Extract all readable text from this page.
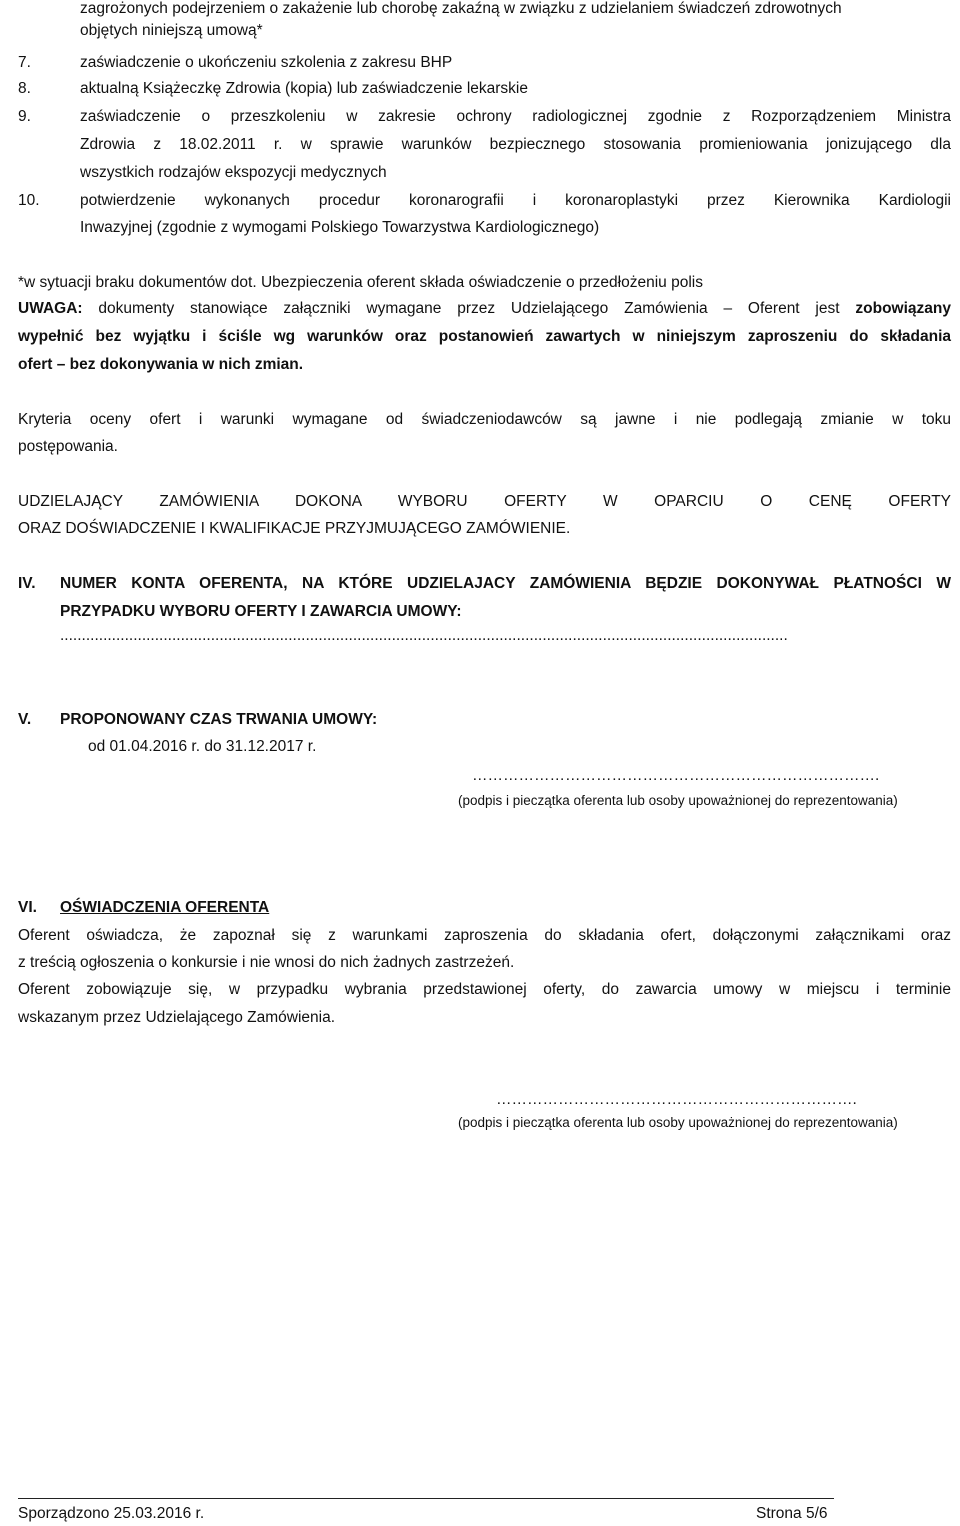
zagrożonych podejrzeniem o zakażenie lub chorobę zakaźną w związku z udzielaniem świadczeń zdrowotnych
objętych niniejszą umową*
7.	zaświadczenie o ukończeniu szkolenia z zakresu BHP
8.	aktualną Książeczkę Zdrowia (kopia) lub zaświadczenie lekarskie
9.	zaświadczenie o przeszkoleniu w zakresie ochrony radiologicznej zgodnie z Rozporządzeniem Ministra
Zdrowia z 18.02.2011 r. w sprawie warunków bezpiecznego stosowania promieniowania jonizującego dla
wszystkich rodzajów ekspozycji medycznych
10.	potwierdzenie wykonanych procedur koronarografii i koronaroplastyki przez Kierownika Kardiologii
Inwazyjnej (zgodnie z wymogami Polskiego Towarzystwa Kardiologicznego)
*w sytuacji braku dokumentów dot. Ubezpieczenia oferent składa oświadczenie o przedłożeniu polis
UWAGA: dokumenty stanowiące załączniki wymagane przez Udzielającego Zamówienia – Oferent jest zobowiązany
wypełnić bez wyjątku i ściśle wg warunków oraz postanowień zawartych w niniejszym zaproszeniu do składania
ofert – bez dokonywania w nich zmian.
Kryteria oceny ofert i warunki wymagane od świadczeniodawców są jawne i nie podlegają zmianie w toku
postępowania.
UDZIELAJĄCY ZAMÓWIENIA DOKONA WYBORU OFERTY W OPARCIU O CENĘ OFERTY
ORAZ DOŚWIADCZENIE I KWALIFIKACJE PRZYJMUJĄCEGO ZAMÓWIENIE.
IV. NUMER KONTA OFERENTA, NA KTÓRE UDZIELAJACY ZAMÓWIENIA BĘDZIE DOKONYWAŁ PŁATNOŚCI W
PRZYPADKU WYBORU OFERTY I ZAWARCIA UMOWY:
.........................................................................................................................................................................
V. PROPONOWANY CZAS TRWANIA UMOWY:
od 01.04.2016 r. do 31.12.2017 r.
…………………………………………………………………….
(podpis i pieczątka oferenta lub osoby upoważnionej do reprezentowania)
VI. OŚWIADCZENIA OFERENTA
Oferent oświadcza, że zapoznał się z warunkami zaproszenia do składania ofert, dołączonymi załącznikami oraz
z treścią ogłoszenia o konkursie i nie wnosi do nich żadnych zastrzeżeń.
Oferent zobowiązuje się, w przypadku wybrania przedstawionej oferty, do zawarcia umowy w miejscu i terminie
wskazanym przez Udzielającego Zamówienia.
…………………………………………………………….
(podpis i pieczątka oferenta lub osoby upoważnionej do reprezentowania)
Sporządzono 25.03.2016 r.	Strona 5/6
